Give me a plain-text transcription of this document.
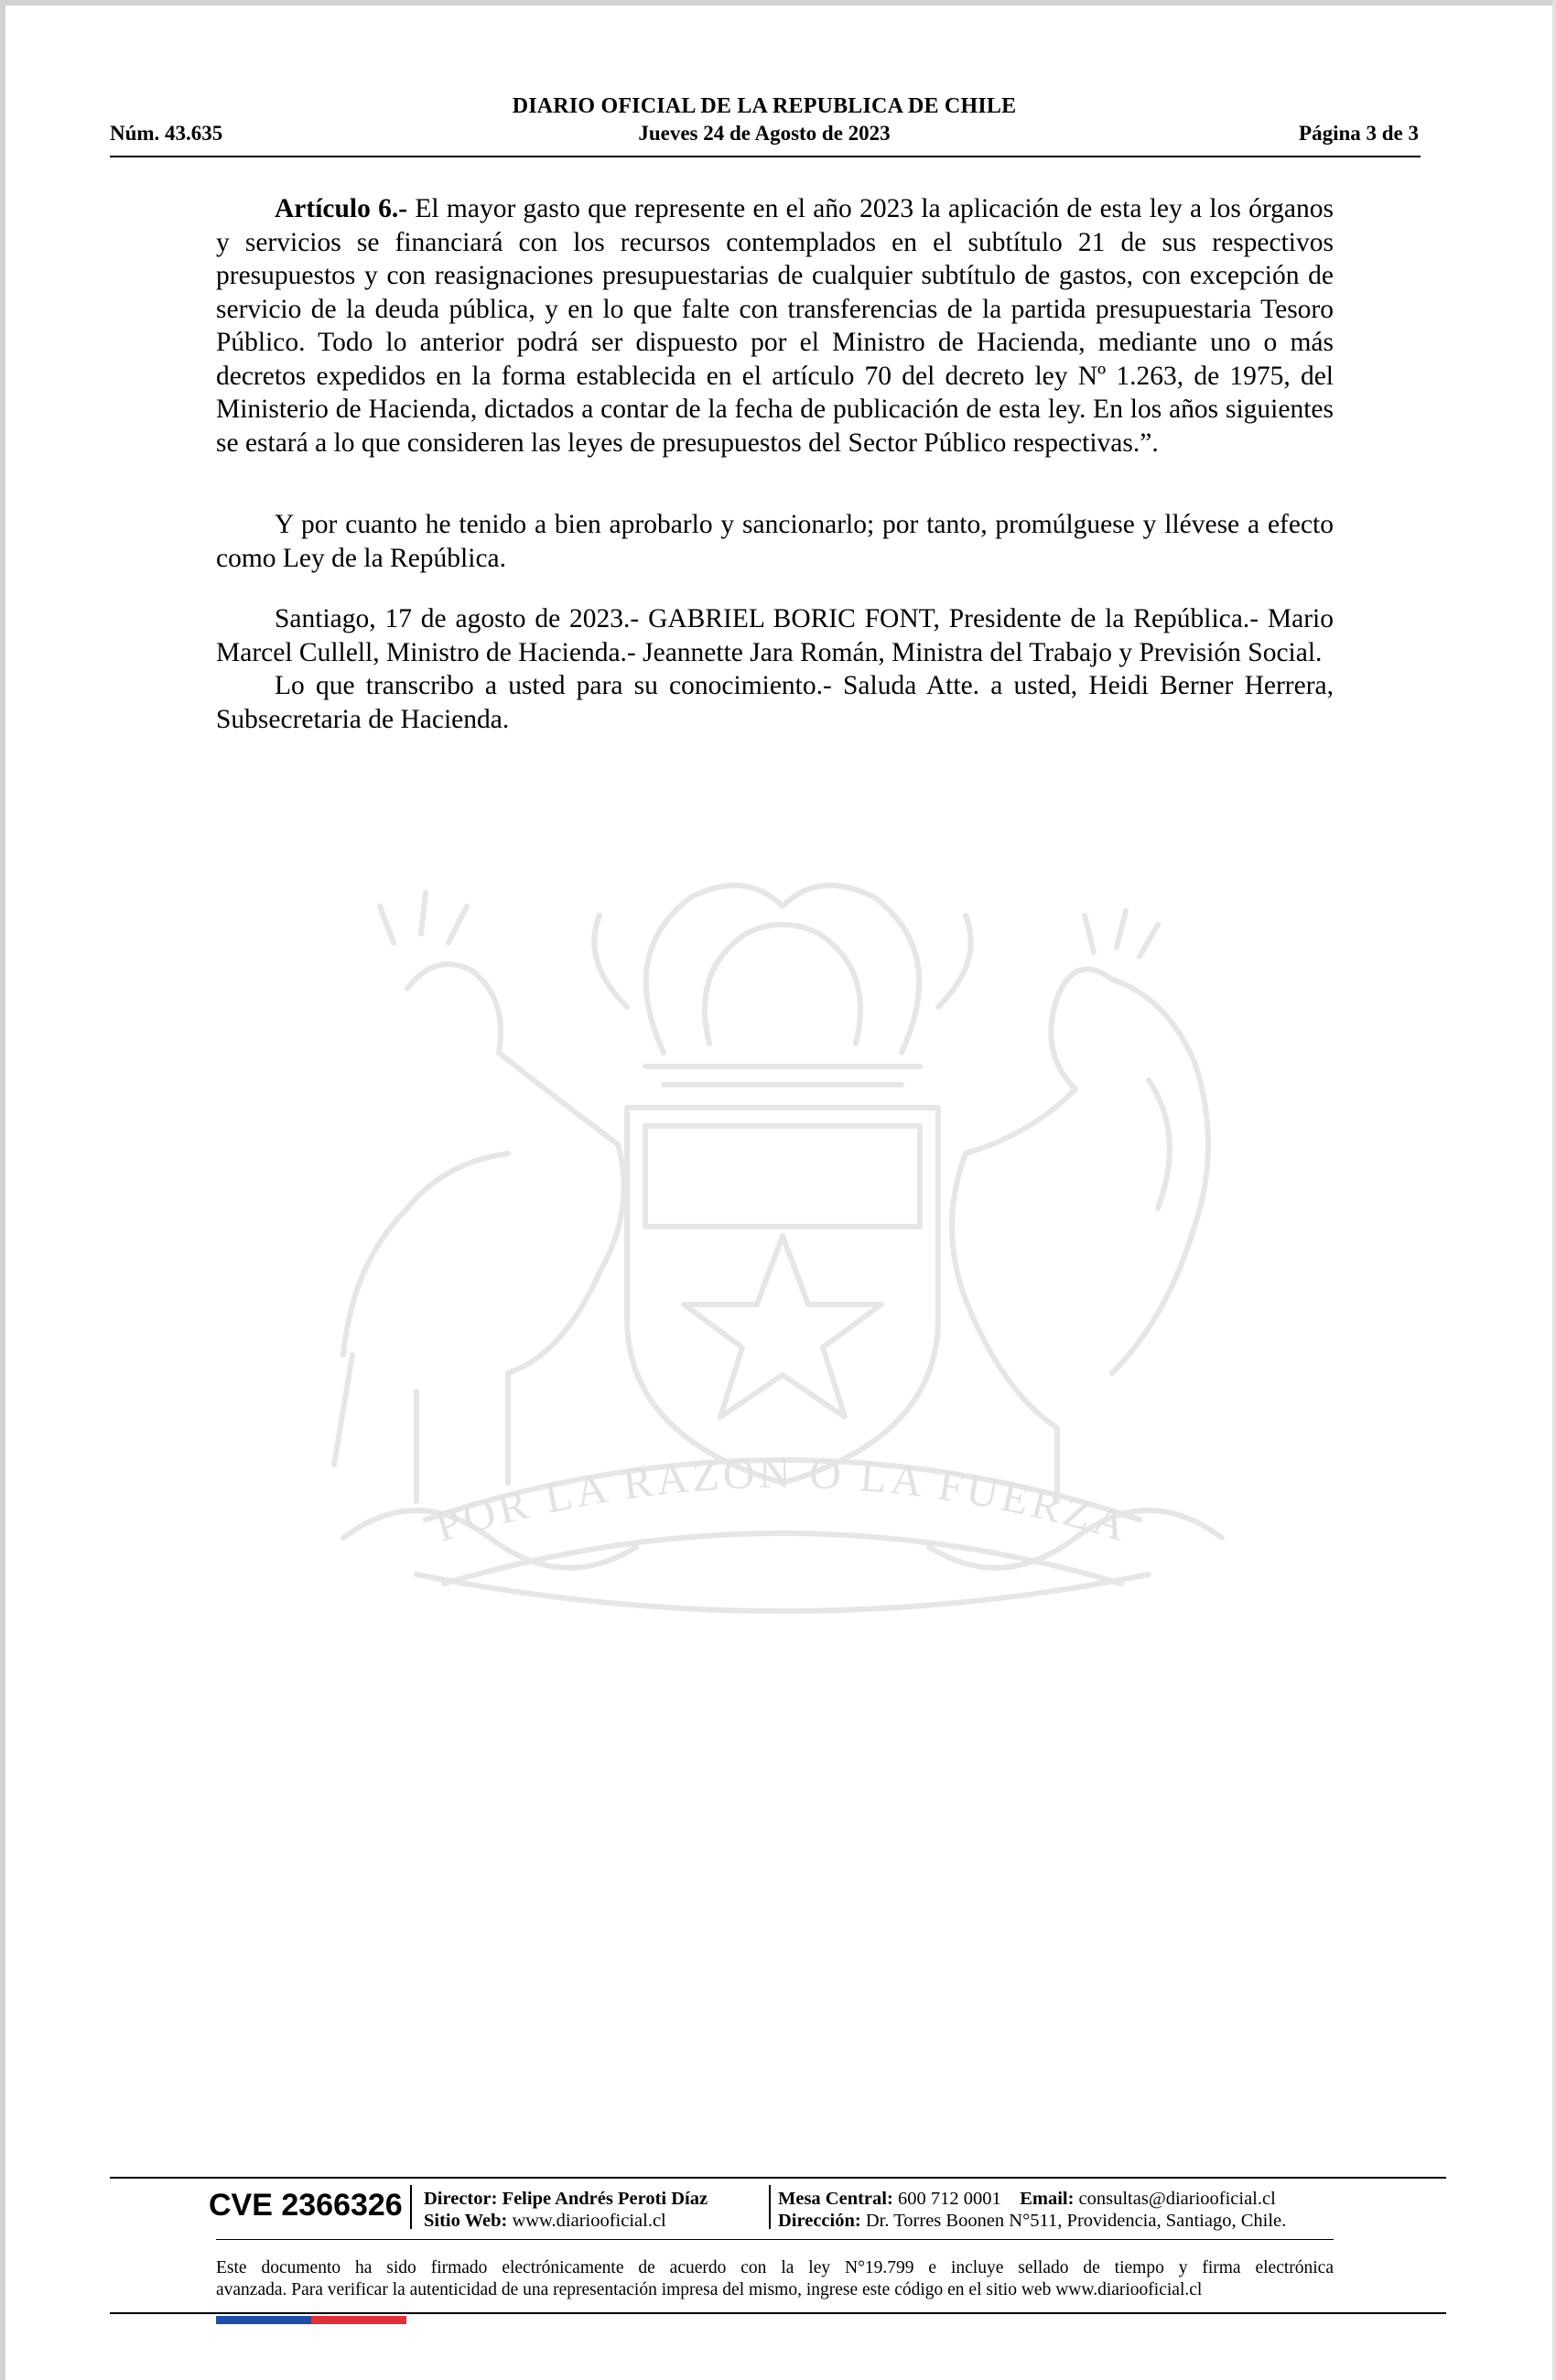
DIARIO OFICIAL DE LA REPUBLICA DE CHILE
Núm. 43.635	Jueves 24 de Agosto de 2023	Página 3 de 3
POR LA RAZON O LA FUERZA

Artículo 6.- El mayor gasto que represente en el año 2023 la aplicación de esta ley a los órganos y servicios se financiará con los recursos contemplados en el subtítulo 21 de sus respectivos presupuestos y con reasignaciones presupuestarias de cualquier subtítulo de gastos, con excepción de servicio de la deuda pública, y en lo que falte con transferencias de la partida presupuestaria Tesoro Público. Todo lo anterior podrá ser dispuesto por el Ministro de Hacienda, mediante uno o más decretos expedidos en la forma establecida en el artículo 70 del decreto ley Nº 1.263, de 1975, del Ministerio de Hacienda, dictados a contar de la fecha de publicación de esta ley. En los años siguientes se estará a lo que consideren las leyes de presupuestos del Sector Público respectivas.”.

Y por cuanto he tenido a bien aprobarlo y sancionarlo; por tanto, promúlguese y llévese a efecto como Ley de la República.

Santiago, 17 de agosto de 2023.- GABRIEL BORIC FONT, Presidente de la República.- Mario Marcel Cullell, Ministro de Hacienda.- Jeannette Jara Román, Ministra del Trabajo y Previsión Social.

Lo que transcribo a usted para su conocimiento.- Saluda Atte. a usted, Heidi Berner Herrera, Subsecretaria de Hacienda.

CVE 2366326 Director: Felipe Andrés Peroti Díaz
Sitio Web: www.diariooficial.cl
Mesa Central: 600 712 0001 Email: consultas@diariooficial.cl
Dirección: Dr. Torres Boonen N°511, Providencia, Santiago, Chile.
Este documento ha sido firmado electrónicamente de acuerdo con la ley N°19.799 e incluye sellado de tiempo y firma electrónica
avanzada. Para verificar la autenticidad de una representación impresa del mismo, ingrese este código en el sitio web www.diariooficial.cl
